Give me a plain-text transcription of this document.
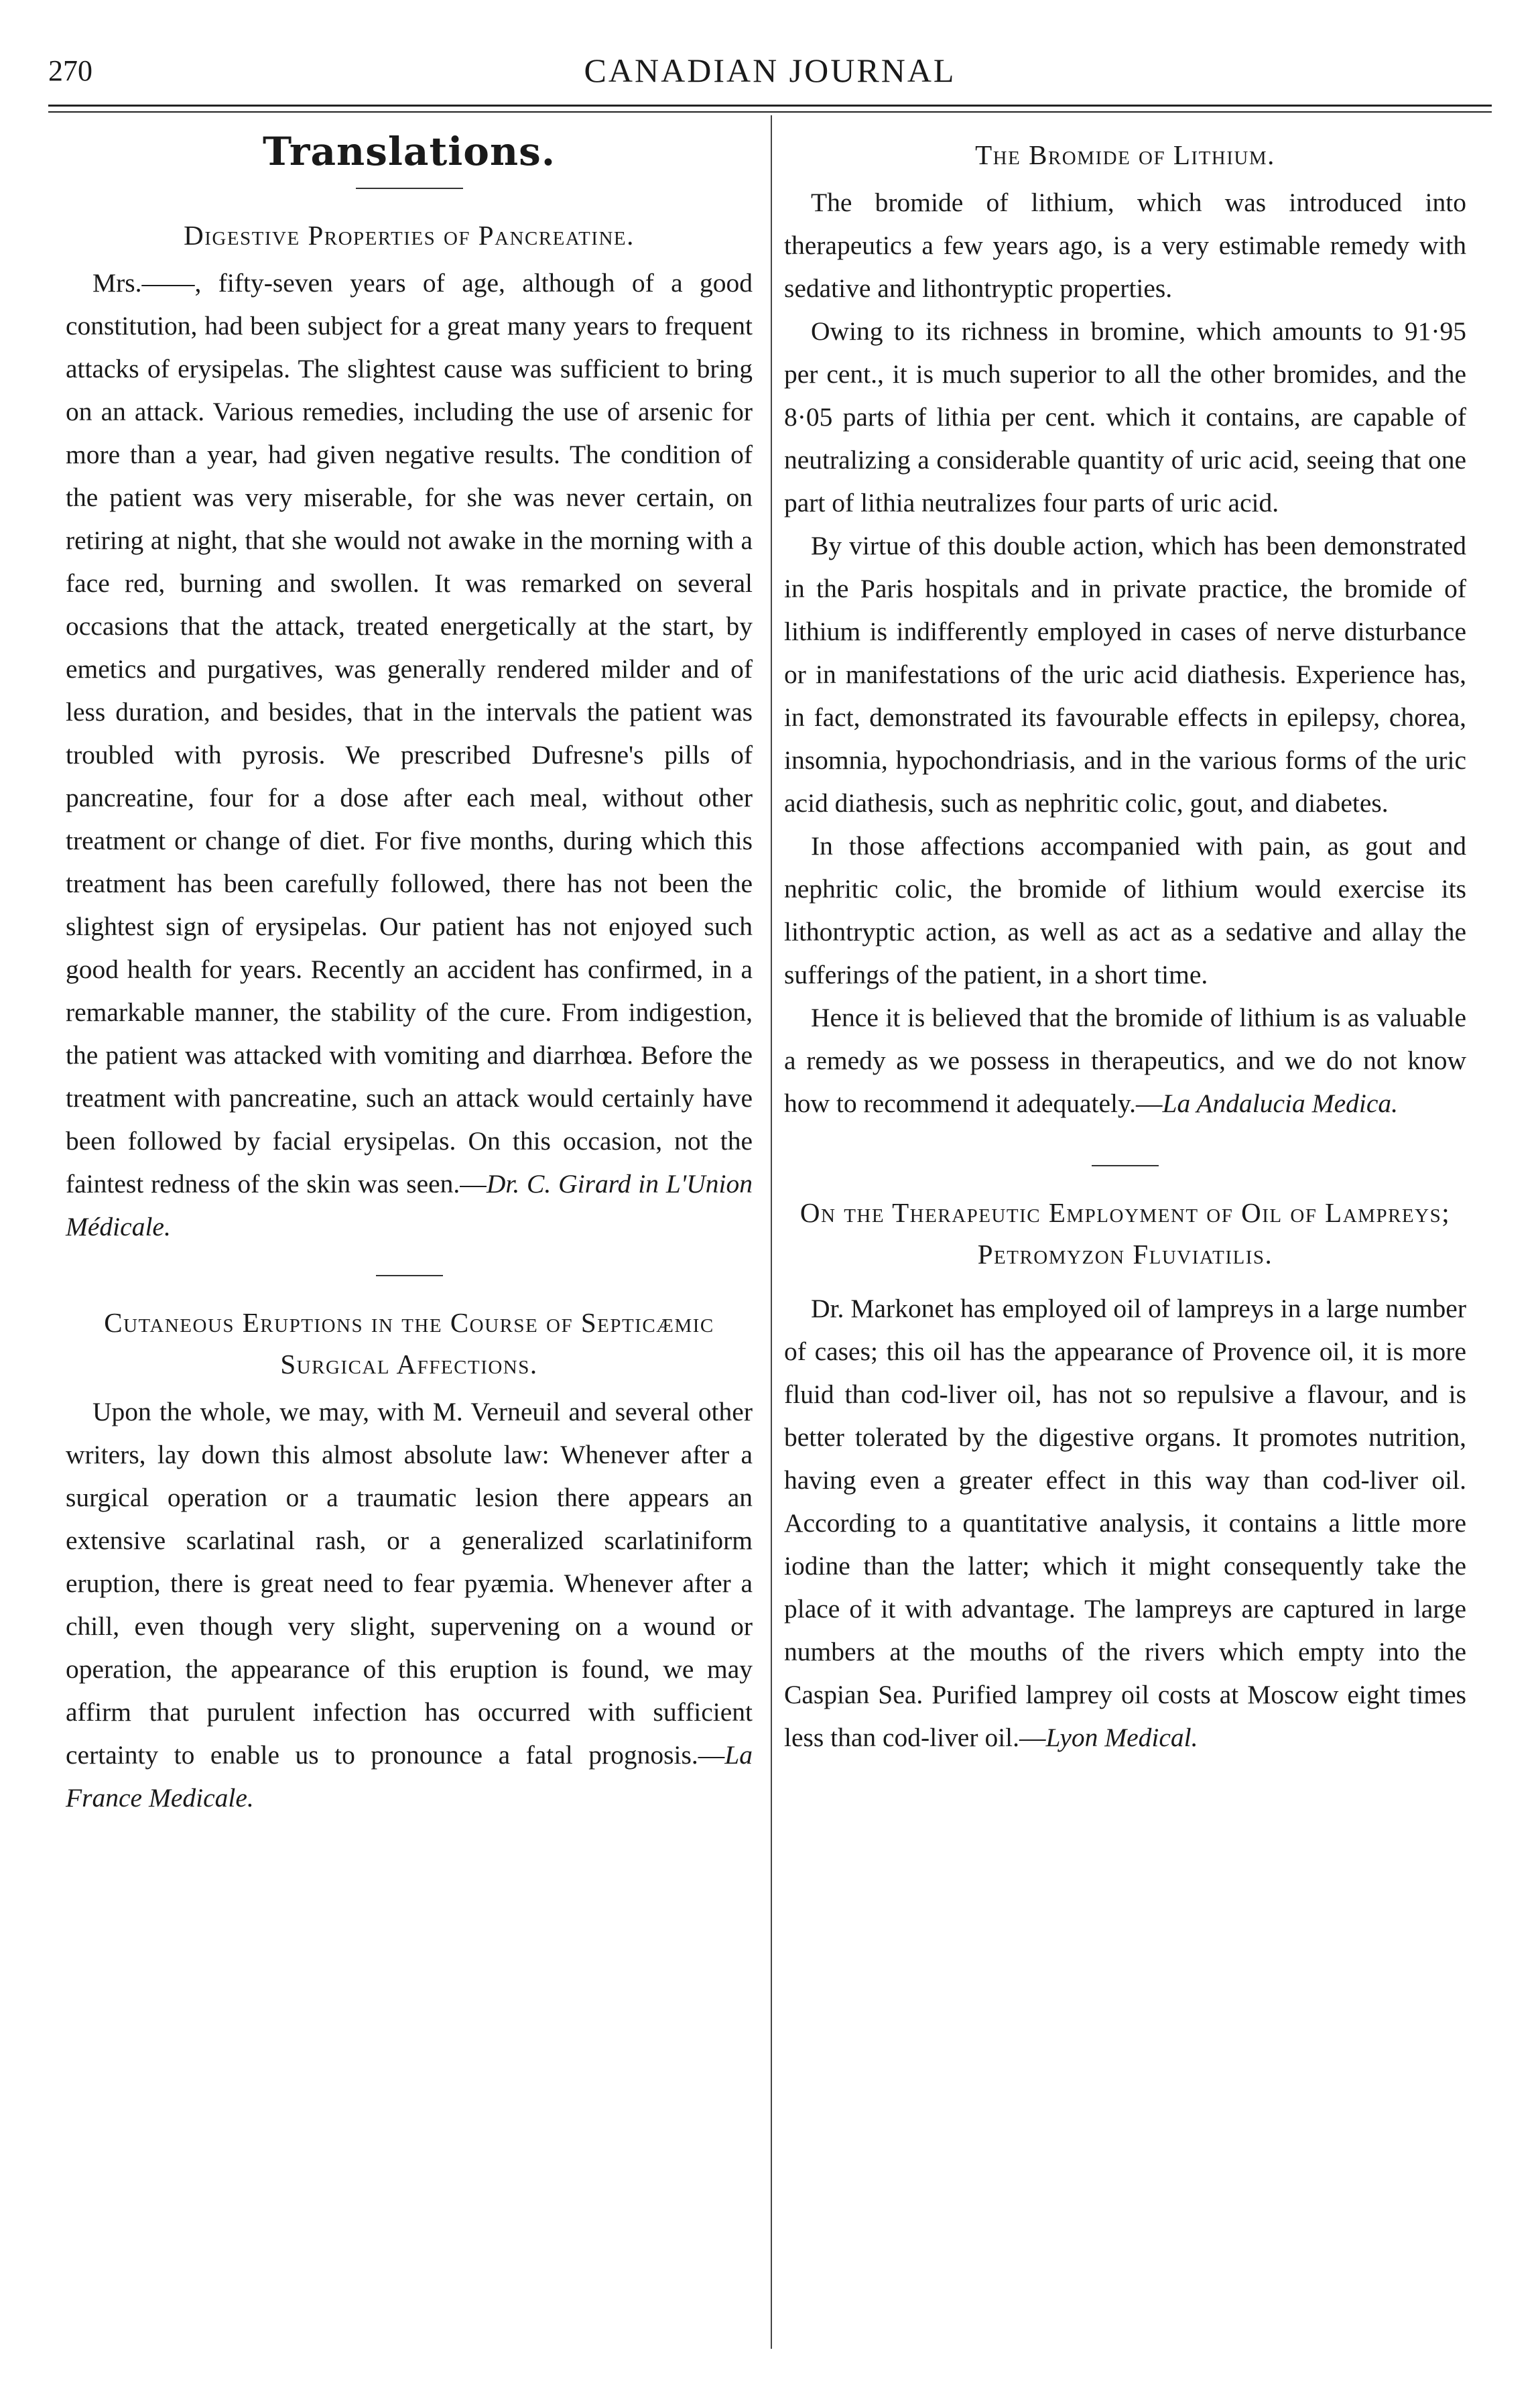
270	CANADIAN JOURNAL
Translations.
Digestive Properties of Pancreatine.

Mrs.——, fifty-seven years of age, although of a good constitution, had been subject for a great many years to frequent attacks of erysipelas. The slightest cause was sufficient to bring on an attack. Various remedies, including the use of arsenic for more than a year, had given negative results. The condition of the patient was very miserable, for she was never certain, on retiring at night, that she would not awake in the morning with a face red, burning and swollen. It was remarked on several occasions that the attack, treated energetically at the start, by emetics and purgatives, was generally rendered milder and of less duration, and besides, that in the intervals the patient was troubled with pyrosis. We prescribed Dufresne's pills of pancreatine, four for a dose after each meal, without other treatment or change of diet. For five months, during which this treatment has been carefully followed, there has not been the slightest sign of erysipelas. Our patient has not enjoyed such good health for years. Recently an accident has confirmed, in a remarkable manner, the stability of the cure. From indigestion, the patient was attacked with vomiting and diarrhœa. Before the treatment with pancreatine, such an attack would certainly have been followed by facial erysipelas. On this occasion, not the faintest redness of the skin was seen.—Dr. C. Girard in L'Union Médicale.

Cutaneous Eruptions in the Course of Septicæmic Surgical Affections.

Upon the whole, we may, with M. Verneuil and several other writers, lay down this almost absolute law: Whenever after a surgical operation or a traumatic lesion there appears an extensive scarlatinal rash, or a generalized scarlatiniform eruption, there is great need to fear pyæmia. Whenever after a chill, even though very slight, supervening on a wound or operation, the appearance of this eruption is found, we may affirm that purulent infection has occurred with sufficient certainty to enable us to pronounce a fatal prognosis.—La France Medicale.

The Bromide of Lithium.

The bromide of lithium, which was introduced into therapeutics a few years ago, is a very estimable remedy with sedative and lithontryptic properties.

Owing to its richness in bromine, which amounts to 91·95 per cent., it is much superior to all the other bromides, and the 8·05 parts of lithia per cent. which it contains, are capable of neutralizing a considerable quantity of uric acid, seeing that one part of lithia neutralizes four parts of uric acid.

By virtue of this double action, which has been demonstrated in the Paris hospitals and in private practice, the bromide of lithium is indifferently employed in cases of nerve disturbance or in manifestations of the uric acid diathesis. Experience has, in fact, demonstrated its favourable effects in epilepsy, chorea, insomnia, hypochondriasis, and in the various forms of the uric acid diathesis, such as nephritic colic, gout, and diabetes.

In those affections accompanied with pain, as gout and nephritic colic, the bromide of lithium would exercise its lithontryptic action, as well as act as a sedative and allay the sufferings of the patient, in a short time.

Hence it is believed that the bromide of lithium is as valuable a remedy as we possess in therapeutics, and we do not know how to recommend it adequately.—La Andalucia Medica.

On the Therapeutic Employment of Oil of Lampreys; Petromyzon Fluviatilis.

Dr. Markonet has employed oil of lampreys in a large number of cases; this oil has the appearance of Provence oil, it is more fluid than cod-liver oil, has not so repulsive a flavour, and is better tolerated by the digestive organs. It promotes nutrition, having even a greater effect in this way than cod-liver oil. According to a quantitative analysis, it contains a little more iodine than the latter; which it might consequently take the place of it with advantage. The lampreys are captured in large numbers at the mouths of the rivers which empty into the Caspian Sea. Purified lamprey oil costs at Moscow eight times less than cod-liver oil.—Lyon Medical.
